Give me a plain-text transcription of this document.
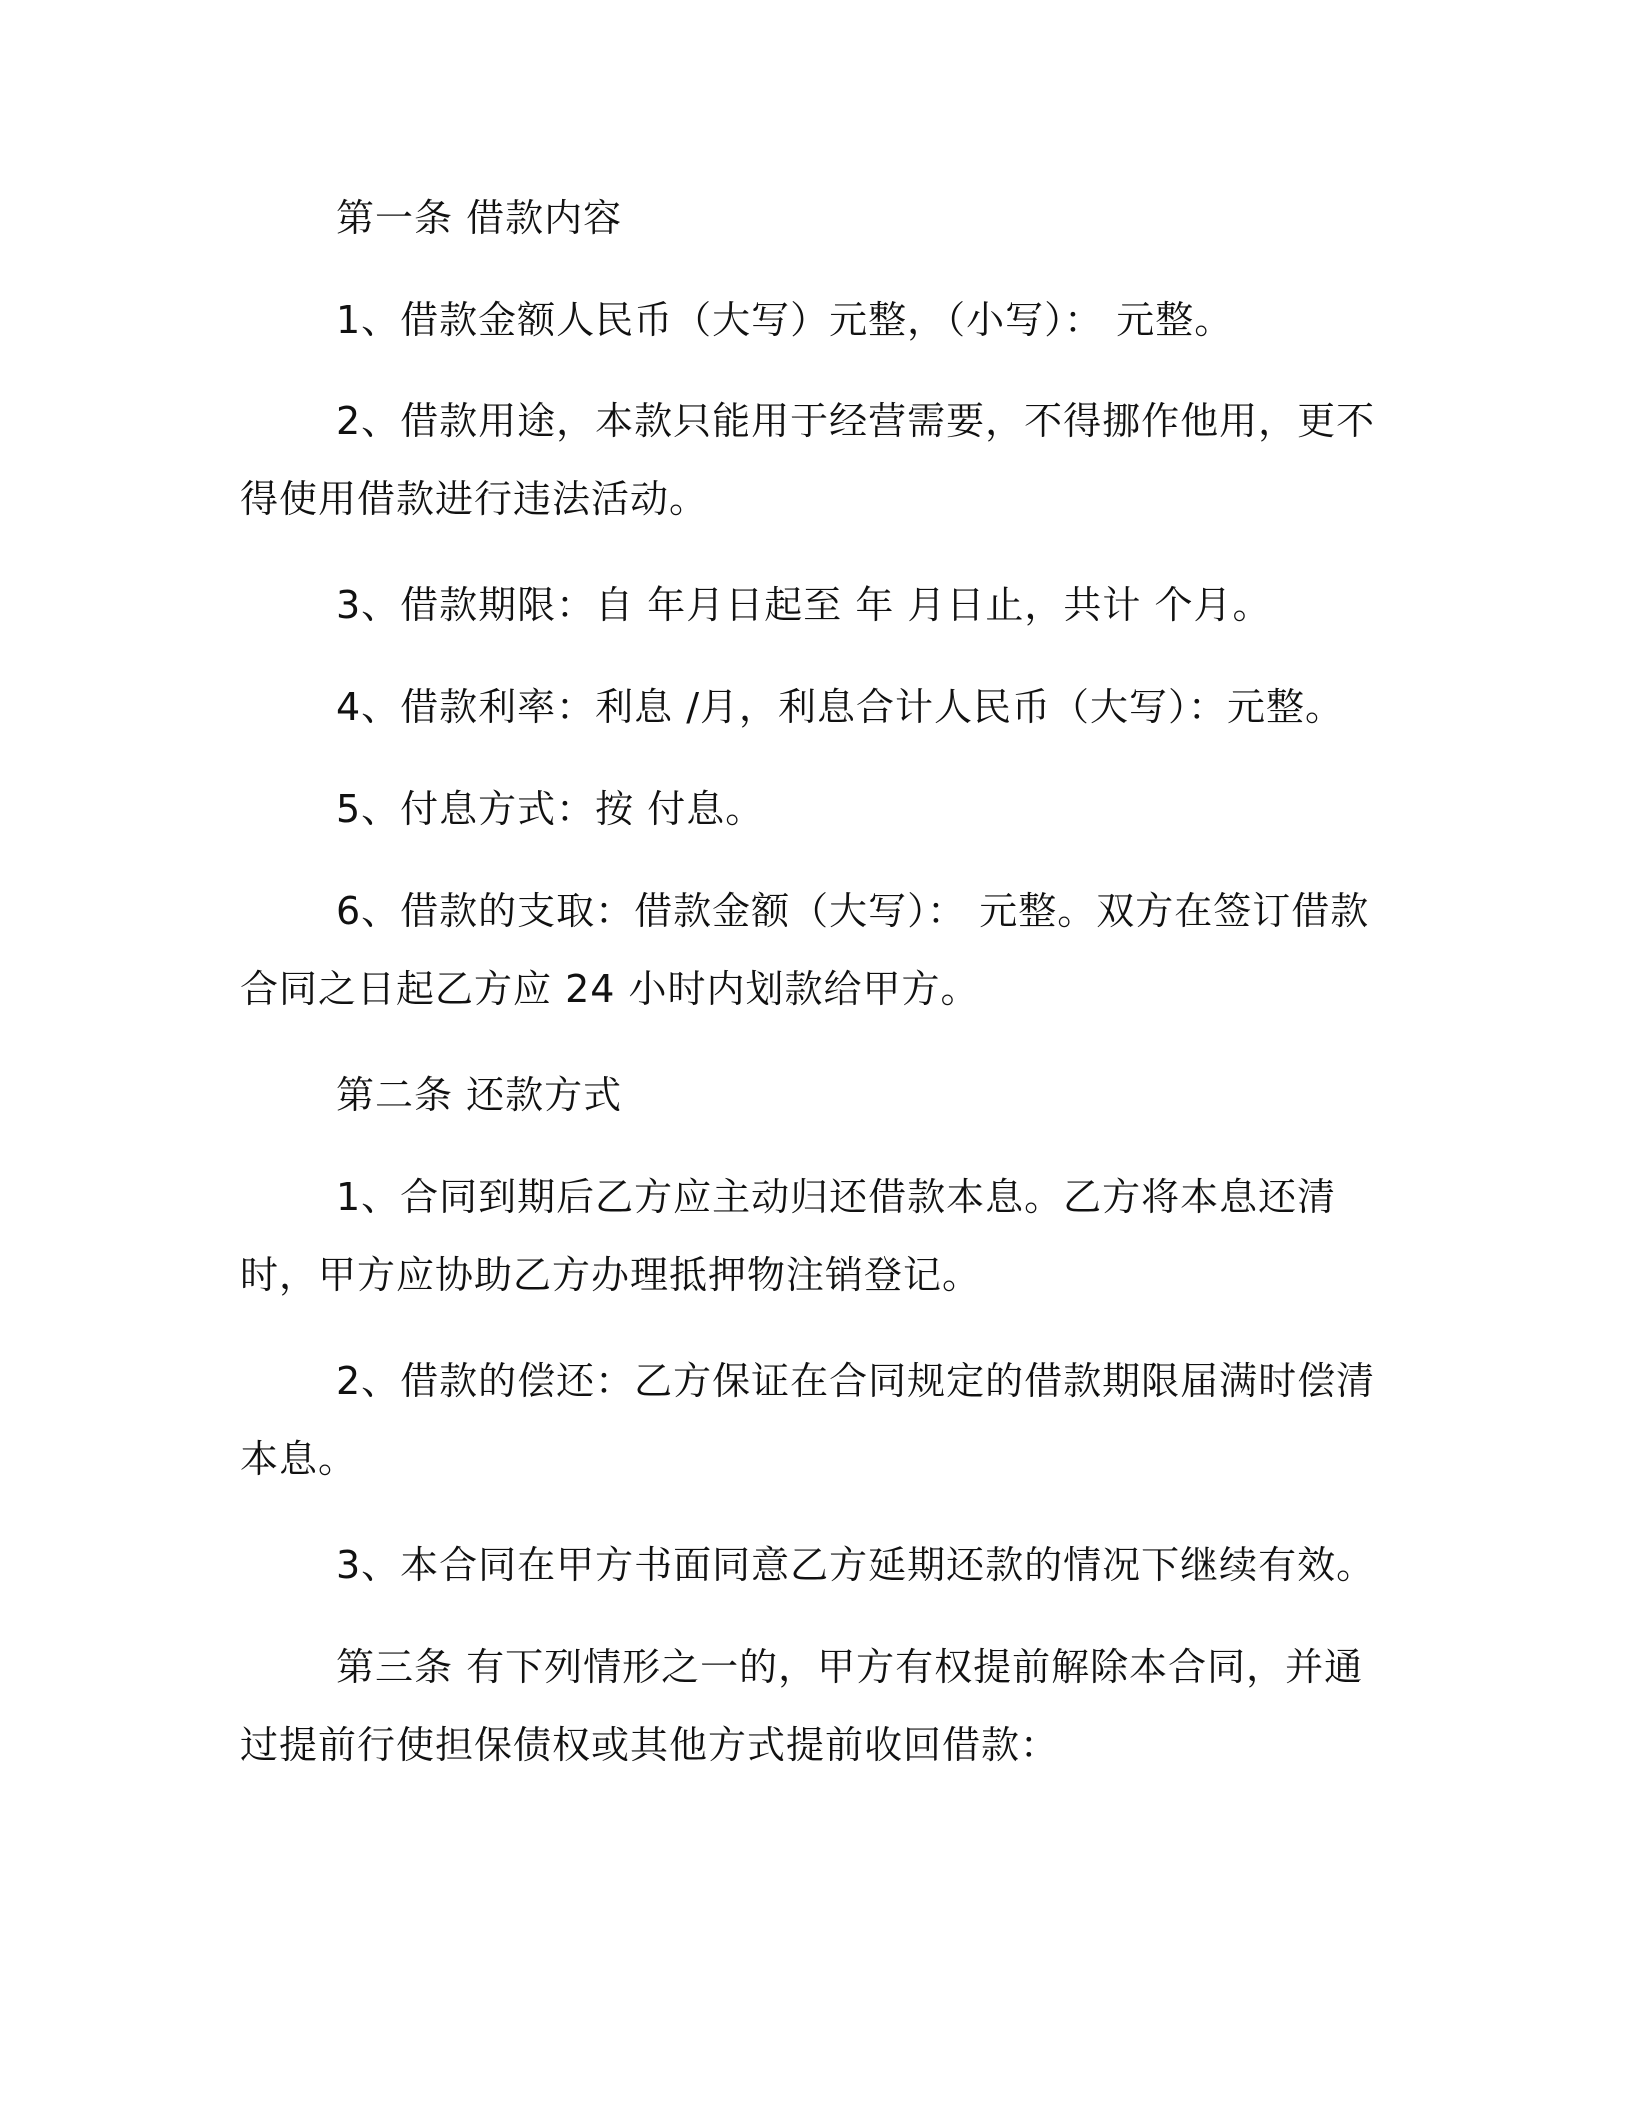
第一条 借款内容

1、借款金额人民币（大写）元整，（小写）： 元整。

2、借款用途，本款只能用于经营需要，不得挪作他用，更不得使用借款进行违法活动。

3、借款期限：自 年月日起至 年 月日止，共计 个月。

4、借款利率：利息 /月，利息合计人民币（大写）：元整。

5、付息方式：按 付息。

6、借款的支取：借款金额（大写）： 元整。双方在签订借款合同之日起乙方应 24 小时内划款给甲方。

第二条 还款方式

1、合同到期后乙方应主动归还借款本息。乙方将本息还清时，甲方应协助乙方办理抵押物注销登记。

2、借款的偿还：乙方保证在合同规定的借款期限届满时偿清本息。

3、本合同在甲方书面同意乙方延期还款的情况下继续有效。

第三条 有下列情形之一的，甲方有权提前解除本合同，并通过提前行使担保债权或其他方式提前收回借款：
